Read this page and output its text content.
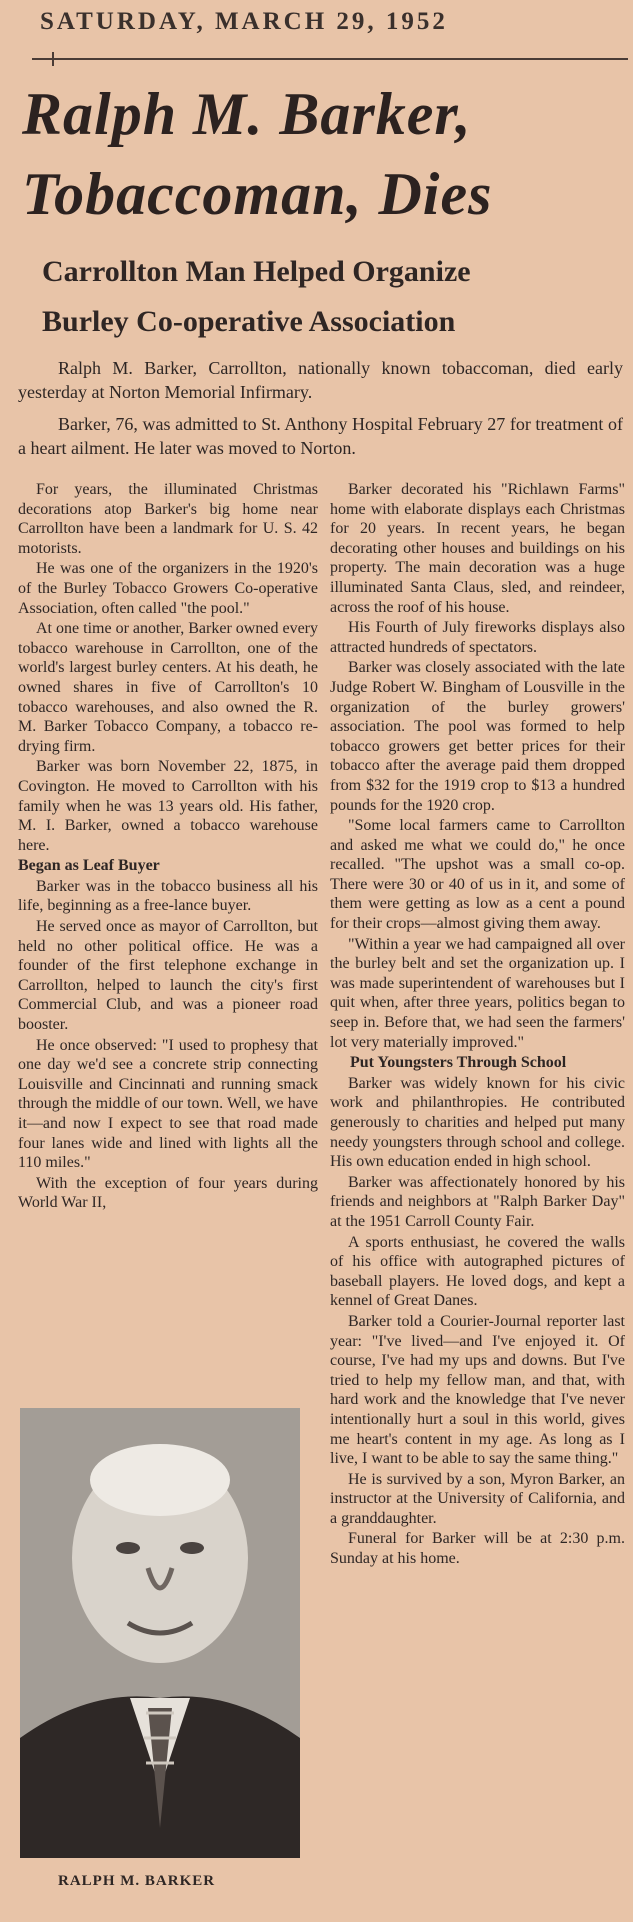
SATURDAY, MARCH 29, 1952
Ralph M. Barker,
Tobaccoman, Dies
Carrollton Man Helped Organize
Burley Co-operative Association

Ralph M. Barker, Carrollton, nationally known tobaccoman, died early yesterday at Norton Memorial Infirmary.

Barker, 76, was admitted to St. Anthony Hospital February 27 for treatment of a heart ailment. He later was moved to Norton.

For years, the illuminated Christmas decorations atop Barker's big home near Carrollton have been a landmark for U. S. 42 motorists.

He was one of the organizers in the 1920's of the Burley Tobacco Growers Co-operative Association, often called "the pool."

At one time or another, Barker owned every tobacco warehouse in Carrollton, one of the world's largest burley centers. At his death, he owned shares in five of Carrollton's 10 tobacco warehouses, and also owned the R. M. Barker Tobacco Company, a tobacco re-drying firm.

Barker was born November 22, 1875, in Covington. He moved to Carrollton with his family when he was 13 years old. His father, M. I. Barker, owned a tobacco warehouse here.

Began as Leaf Buyer

Barker was in the tobacco business all his life, beginning as a free-lance buyer.

He served once as mayor of Carrollton, but held no other political office. He was a founder of the first telephone exchange in Carrollton, helped to launch the city's first Commercial Club, and was a pioneer road booster.

He once observed: "I used to prophesy that one day we'd see a concrete strip connecting Louisville and Cincinnati and running smack through the middle of our town. Well, we have it—and now I expect to see that road made four lanes wide and lined with lights all the 110 miles."

With the exception of four years during World War II,

RALPH M. BARKER

Barker decorated his "Richlawn Farms" home with elaborate displays each Christmas for 20 years. In recent years, he began decorating other houses and buildings on his property. The main decoration was a huge illuminated Santa Claus, sled, and reindeer, across the roof of his house.

His Fourth of July fireworks displays also attracted hundreds of spectators.

Barker was closely associated with the late Judge Robert W. Bingham of Lousville in the organization of the burley growers' association. The pool was formed to help tobacco growers get better prices for their tobacco after the average paid them dropped from $32 for the 1919 crop to $13 a hundred pounds for the 1920 crop.

"Some local farmers came to Carrollton and asked me what we could do," he once recalled. "The upshot was a small co-op. There were 30 or 40 of us in it, and some of them were getting as low as a cent a pound for their crops—almost giving them away.

"Within a year we had campaigned all over the burley belt and set the organization up. I was made superintendent of warehouses but I quit when, after three years, politics began to seep in. Before that, we had seen the farmers' lot very materially improved."

Put Youngsters Through School

Barker was widely known for his civic work and philanthropies. He contributed generously to charities and helped put many needy youngsters through school and college. His own education ended in high school.

Barker was affectionately honored by his friends and neighbors at "Ralph Barker Day" at the 1951 Carroll County Fair.

A sports enthusiast, he covered the walls of his office with autographed pictures of baseball players. He loved dogs, and kept a kennel of Great Danes.

Barker told a Courier-Journal reporter last year: "I've lived—and I've enjoyed it. Of course, I've had my ups and downs. But I've tried to help my fellow man, and that, with hard work and the knowledge that I've never intentionally hurt a soul in this world, gives me heart's content in my age. As long as I live, I want to be able to say the same thing."

He is survived by a son, Myron Barker, an instructor at the University of California, and a granddaughter.

Funeral for Barker will be at 2:30 p.m. Sunday at his home.
